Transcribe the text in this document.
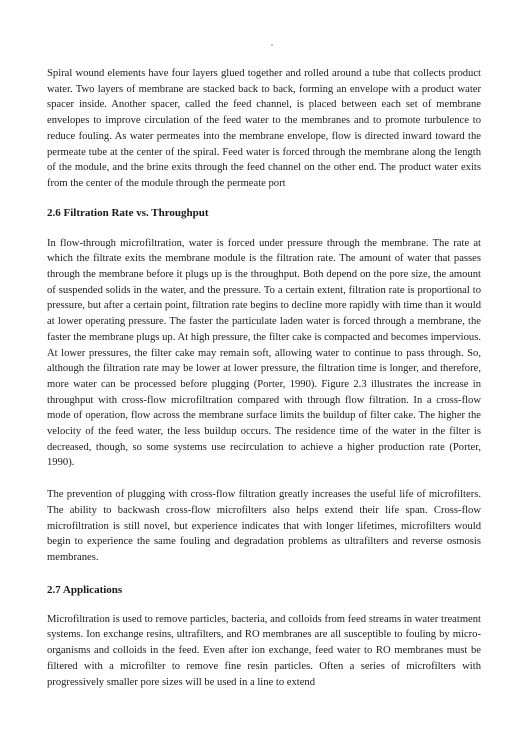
Spiral wound elements have four layers glued together and rolled around a tube that collects product water. Two layers of membrane are stacked back to back, forming an envelope with a product water spacer inside. Another spacer, called the feed channel, is placed between each set of membrane envelopes to improve circulation of the feed water to the membranes and to promote turbulence to reduce fouling. As water permeates into the membrane envelope, flow is directed inward toward the permeate tube at the center of the spiral. Feed water is forced through the membrane along the length of the module, and the brine exits through the feed channel on the other end. The product water exits from the center of the module through the permeate port

2.6 Filtration Rate vs. Throughput

In flow-through microfiltration, water is forced under pressure through the membrane. The rate at which the filtrate exits the membrane module is the filtration rate. The amount of water that passes through the membrane before it plugs up is the throughput. Both depend on the pore size, the amount of suspended solids in the water, and the pressure. To a certain extent, filtration rate is proportional to pressure, but after a certain point, filtration rate begins to decline more rapidly with time than it would at lower operating pressure. The faster the particulate laden water is forced through a membrane, the faster the membrane plugs up. At high pressure, the filter cake is compacted and becomes impervious. At lower pressures, the filter cake may remain soft, allowing water to continue to pass through. So, although the filtration rate may be lower at lower pressure, the filtration time is longer, and therefore, more water can be processed before plugging (Porter, 1990). Figure 2.3 illustrates the increase in throughput with cross-flow microfiltration compared with through flow filtration. In a cross-flow mode of operation, flow across the membrane surface limits the buildup of filter cake. The higher the velocity of the feed water, the less buildup occurs. The residence time of the water in the filter is decreased, though, so some systems use recirculation to achieve a higher production rate (Porter, 1990).

The prevention of plugging with cross-flow filtration greatly increases the useful life of microfilters. The ability to backwash cross-flow microfilters also helps extend their life span. Cross-flow microfiltration is still novel, but experience indicates that with longer lifetimes, microfilters would begin to experience the same fouling and degradation problems as ultrafilters and reverse osmosis membranes.

2.7 Applications

Microfiltration is used to remove particles, bacteria, and colloids from feed streams in water treatment systems. Ion exchange resins, ultrafilters, and RO membranes are all susceptible to fouling by micro-organisms and colloids in the feed. Even after ion exchange, feed water to RO membranes must be filtered with a microfilter to remove fine resin particles. Often a series of microfilters with progressively smaller pore sizes will be used in a line to extend
